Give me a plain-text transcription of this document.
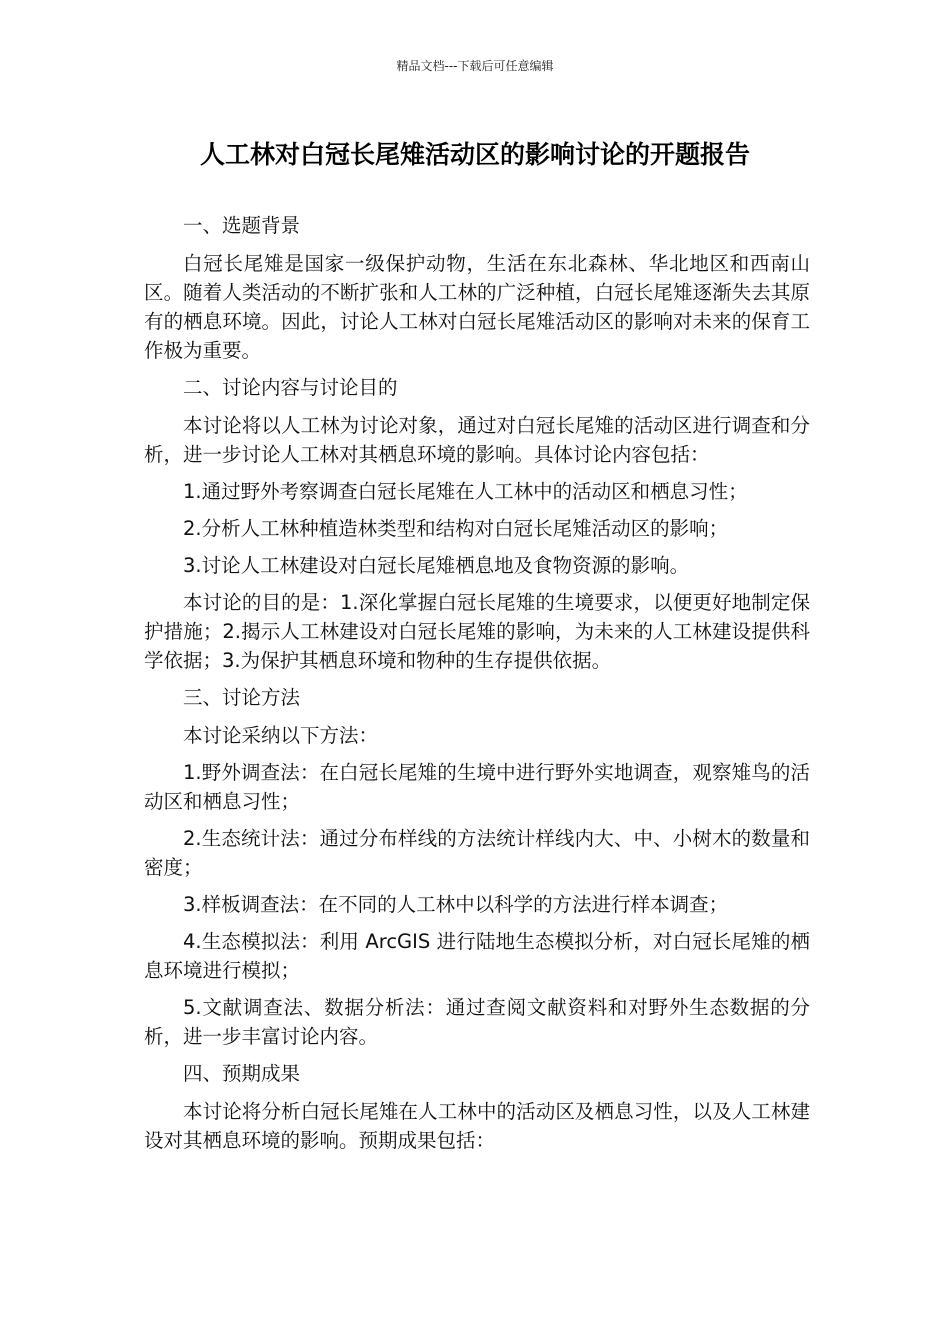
精品文档---下载后可任意编辑
人工林对白冠长尾雉活动区的影响讨论的开题报告

一、选题背景

白冠长尾雉是国家一级保护动物，生活在东北森林、华北地区和西南山区。随着人类活动的不断扩张和人工林的广泛种植，白冠长尾雉逐渐失去其原有的栖息环境。因此，讨论人工林对白冠长尾雉活动区的影响对未来的保育工作极为重要。

二、讨论内容与讨论目的

本讨论将以人工林为讨论对象，通过对白冠长尾雉的活动区进行调查和分析，进一步讨论人工林对其栖息环境的影响。具体讨论内容包括：

1.通过野外考察调查白冠长尾雉在人工林中的活动区和栖息习性；

2.分析人工林种植造林类型和结构对白冠长尾雉活动区的影响；

3.讨论人工林建设对白冠长尾雉栖息地及食物资源的影响。

本讨论的目的是：1.深化掌握白冠长尾雉的生境要求，以便更好地制定保护措施；2.揭示人工林建设对白冠长尾雉的影响，为未来的人工林建设提供科学依据；3.为保护其栖息环境和物种的生存提供依据。

三、讨论方法

本讨论采纳以下方法：

1.野外调查法：在白冠长尾雉的生境中进行野外实地调查，观察雉鸟的活动区和栖息习性；

2.生态统计法：通过分布样线的方法统计样线内大、中、小树木的数量和密度；

3.样板调查法：在不同的人工林中以科学的方法进行样本调查；

4.生态模拟法：利用 ArcGIS 进行陆地生态模拟分析，对白冠长尾雉的栖息环境进行模拟；

5.文献调查法、数据分析法：通过查阅文献资料和对野外生态数据的分析，进一步丰富讨论内容。

四、预期成果

本讨论将分析白冠长尾雉在人工林中的活动区及栖息习性，以及人工林建设对其栖息环境的影响。预期成果包括：
